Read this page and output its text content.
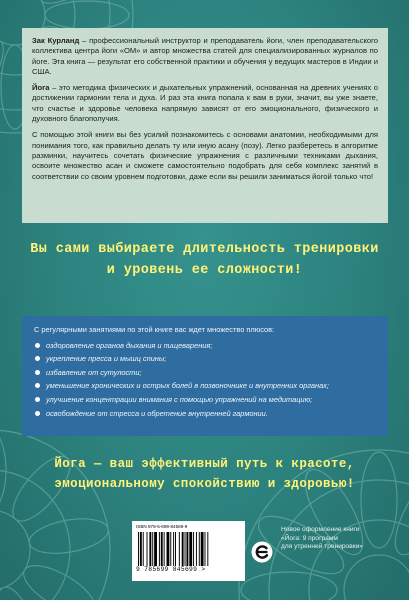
Зак Курланд – профессиональный инструктор и преподаватель йоги, член преподавательского коллектива центра йоги «ОМ» и автор множества статей для специализированных журналов по йоге. Эта книга — результат его собственной практики и обучения у ведущих мастеров в Индии и США.

Йога – это методика физических и дыхательных упражнений, основанная на древних учениях о достижении гармонии тела и духа. И раз эта книга попала к вам в руки, значит, вы уже знаете, что счастье и здоровье человека напрямую зависят от его эмоционального, физического и духовного благополучия.

С помощью этой книги вы без усилий познакомитесь с основами анатомии, необходимыми для понимания того, как правильно делать ту или иную асану (позу). Легко разберетесь в алгоритме разминки, научитесь сочетать физические упражнения с различными техниками дыхания, освоите множество асан и сможете самостоятельно подобрать для себя комплекс занятий в соответствии со своим уровнем подготовки, даже если вы решили заниматься йогой только что!

Вы сами выбираете длительность тренировки
и уровень ее сложности!

С регулярными занятиями по этой книге вас ждет множество плюсов:

оздоровление органов дыхания и пищеварения;
укрепление пресса и мышц спины;
избавление от сутулости;
уменьшение хронических и острых болей в позвоночнике и внутренних органах;
улучшение концентрации внимания с помощью упражнений на медитацию;
освобождение от стресса и обретение внутренней гармонии.
Йога — ваш эффективный путь к красоте,
эмоциональному спокойствию и здоровью!
ISBN 978-5-699-84569-9
9 785699 845699 >
Новое оформление книги
«Йога: 9 программ
для утренней тренировки»
